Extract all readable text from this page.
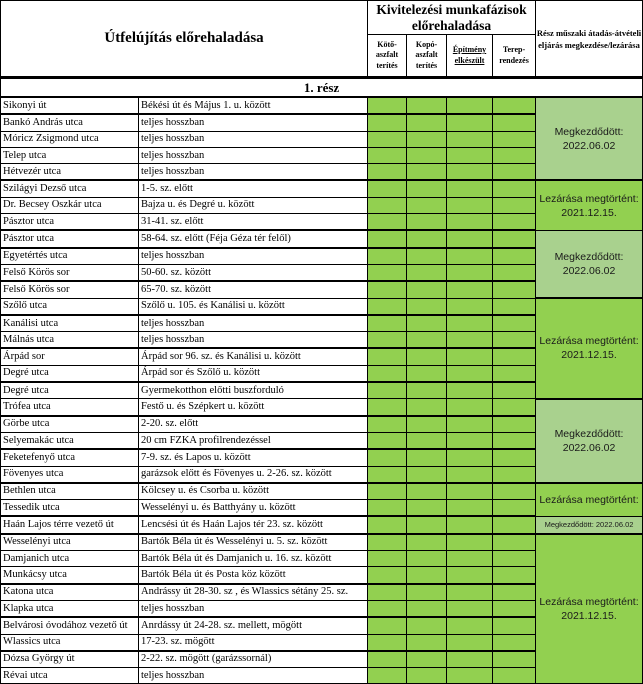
Útfelújítás előrehaladása		Kivitelezési munkafázisok előrehaladása				Rész műszaki átadás-átvételi eljárás megkezdése/lezárása
		Kötő-
aszfalt
terítés	Kopó-
aszfalt
terítés	Építmény
elkészült	Terep-
rendezés	
1. rész						
Sikonyi út	Békési út és Május 1. u. között					Megkezdődött: 2022.06.02
Bankó András utca	teljes hosszban					
Móricz Zsigmond utca	teljes hosszban					
Telep utca	teljes hosszban					
Hétvezér utca	teljes hosszban					
Szilágyi Dezső utca	1-5. sz. előtt					Lezárása megtörtént: 2021.12.15.
Dr. Becsey Oszkár utca	Bajza u. és Degré u. között					
Pásztor utca	31-41. sz. előtt					
Pásztor utca	58-64. sz. előtt (Féja Géza tér felől)					Megkezdődött: 2022.06.02
Egyetértés utca	teljes hosszban					
Felső Körös sor	50-60. sz. között					
Felső Körös sor	65-70. sz. között					
Szőlő utca	Szőlő u. 105. és Kanálisi u. között					Lezárása megtörtént: 2021.12.15.
Kanálisi utca	teljes hosszban					
Málnás utca	teljes hosszban					
Árpád sor	Árpád sor 96. sz. és Kanálisi u. között					
Degré utca	Árpád sor és Szőlő u. között					
Degré utca	Gyermekotthon előtti buszforduló					
Trófea utca	Festő u. és Szépkert u. között					Megkezdődött: 2022.06.02
Görbe utca	2-20. sz. előtt					
Selyemakác utca	20 cm FZKA profilrendezéssel					
Feketefenyő utca	7-9. sz. és Lapos u. között					
Fövenyes utca	garázsok előtt és Fövenyes u. 2-26. sz. között					
Bethlen utca	Kölcsey u. és Csorba u. között					Lezárása megtörtént:
Tessedik utca	Wesselényi u. és Batthyány u. között					
Haán Lajos térre vezető út	Lencsési út és Haán Lajos tér 23. sz. között					Megkezdődött: 2022.06.02
Wesselényi utca	Bartók Béla út és Wesselényi u. 5. sz. között					Lezárása megtörtént: 2021.12.15.
Damjanich utca	Bartók Béla út és Damjanich u. 16. sz. között					
Munkácsy utca	Bartók Béla út és Posta köz között					
Katona utca	Andrássy út 28-30. sz , és Wlassics sétány 25. sz.					
Klapka utca	teljes hosszban					
Belvárosi óvodához vezető út	Anrdássy út 24-28. sz. mellett, mögött					
Wlassics utca	17-23. sz. mögött					
Dózsa György út	2-22. sz. mögött (garázssornál)					
Révai utca	teljes hosszban					
